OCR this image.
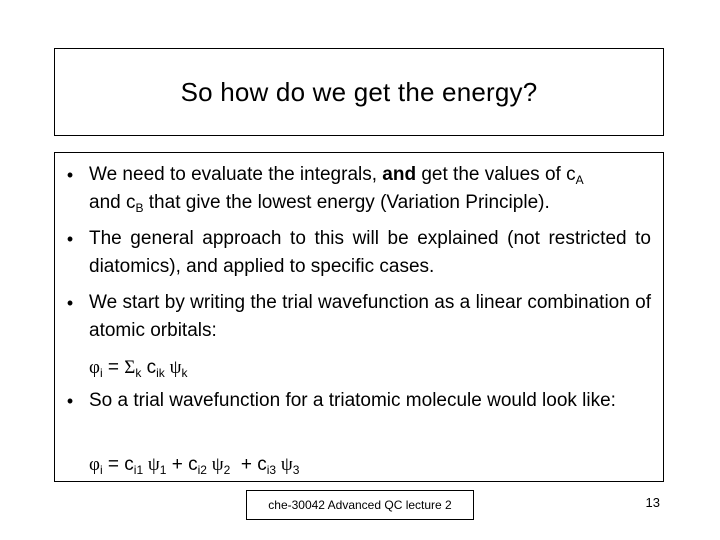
So how do we get the energy?
• We need to evaluate the integrals, and get the values of $c_A$
and $c_B$ that give the lowest energy (Variation Principle).
• The general approach to this will be explained (not restricted to diatomics), and applied to specific cases.
• We start by writing the trial wavefunction as a linear combination of atomic orbitals:
$\varphi_i = \Sigma_k$ $c_{ik}$ $\psi_k$
• So a trial wavefunction for a triatomic molecule would look like:
$\varphi_i = c_{i1}$ $\psi_1 + c_{i2}$ $\psi_2 + c_{i3}$ $\psi_3$
che-30042 Advanced QC lecture 2	13
